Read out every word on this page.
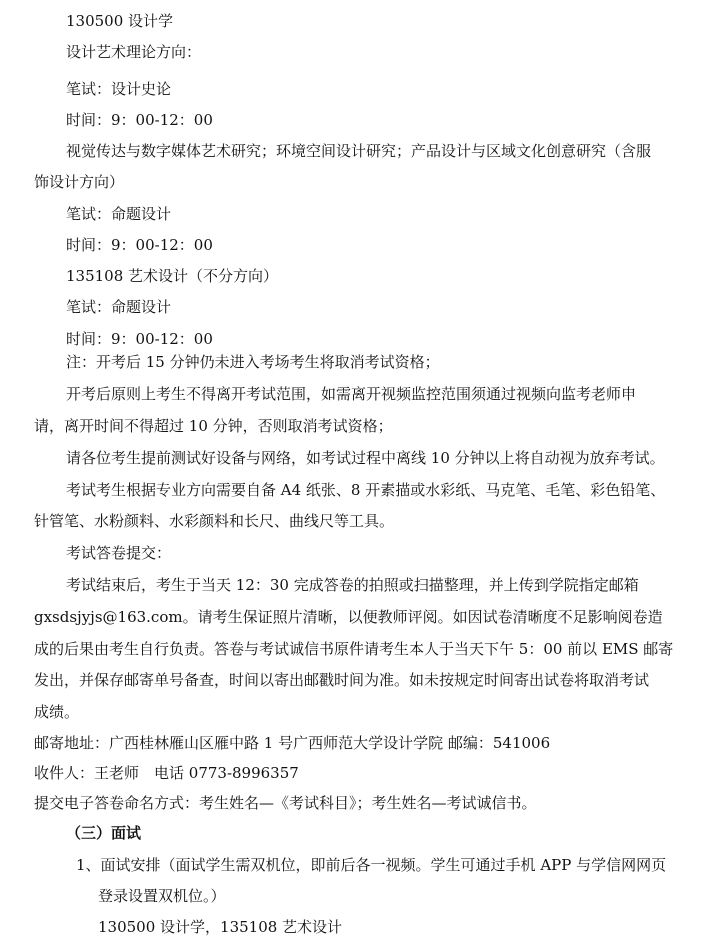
130500 设计学
设计艺术理论方向：
笔试：设计史论
时间：9：00-12：00
视觉传达与数字媒体艺术研究；环境空间设计研究；产品设计与区域文化创意研究（含服
饰设计方向）
笔试：命题设计
时间：9：00-12：00
135108 艺术设计（不分方向）
笔试：命题设计
时间：9：00-12：00
注：开考后 15 分钟仍未进入考场考生将取消考试资格；
开考后原则上考生不得离开考试范围，如需离开视频监控范围须通过视频向监考老师申
请，离开时间不得超过 10 分钟，否则取消考试资格；
请各位考生提前测试好设备与网络，如考试过程中离线 10 分钟以上将自动视为放弃考试。
考试考生根据专业方向需要自备 A4 纸张、8 开素描或水彩纸、马克笔、毛笔、彩色铅笔、
针管笔、水粉颜料、水彩颜料和长尺、曲线尺等工具。
考试答卷提交：
考试结束后，考生于当天 12：30 完成答卷的拍照或扫描整理，并上传到学院指定邮箱
gxsdsjyjs@163.com。请考生保证照片清晰，以便教师评阅。如因试卷清晰度不足影响阅卷造
成的后果由考生自行负责。答卷与考试诚信书原件请考生本人于当天下午 5：00 前以 EMS 邮寄
发出，并保存邮寄单号备查，时间以寄出邮戳时间为准。如未按规定时间寄出试卷将取消考试
成绩。
邮寄地址：广西桂林雁山区雁中路 1 号广西师范大学设计学院 邮编：541006
收件人：王老师　电话 0773-8996357
提交电子答卷命名方式：考生姓名—《考试科目》；考生姓名—考试诚信书。
（三）面试
1、面试安排（面试学生需双机位，即前后各一视频。学生可通过手机 APP 与学信网网页
登录设置双机位。）
130500 设计学，135108 艺术设计
